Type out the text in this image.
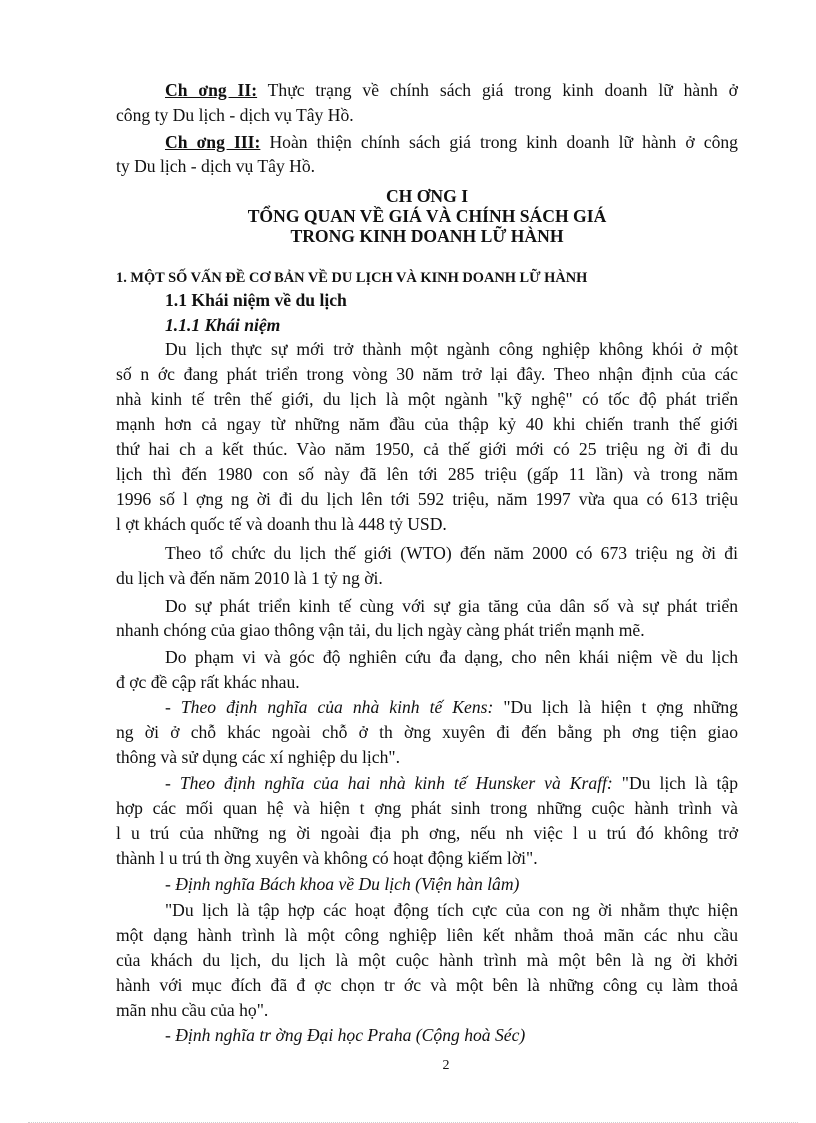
Ch ơng II: Thực trạng về chính sách giá trong kinh doanh lữ hành ở
công ty Du lịch - dịch vụ Tây Hồ.
Ch ơng III: Hoàn thiện chính sách giá trong kinh doanh lữ hành ở công
ty Du lịch - dịch vụ Tây Hồ.
CH ƠNG I
TỔNG QUAN VỀ GIÁ VÀ CHÍNH SÁCH GIÁ
TRONG KINH DOANH LỮ HÀNH
1. MỘT SỐ VẤN ĐỀ CƠ BẢN VỀ DU LỊCH VÀ KINH DOANH LỮ HÀNH
1.1 Khái niệm về du lịch
1.1.1 Khái niệm
Du lịch thực sự mới trở thành một ngành công nghiệp không khói ở một
số n ớc đang phát triển trong vòng 30 năm trở lại đây. Theo nhận định của các
nhà kinh tế trên thế giới, du lịch là một ngành "kỹ nghệ" có tốc độ phát triển
mạnh hơn cả ngay từ những năm đầu của thập kỷ 40 khi chiến tranh thế giới
thứ hai ch a kết thúc. Vào năm 1950, cả thế giới mới có 25 triệu ng ời đi du
lịch thì đến 1980 con số này đã lên tới 285 triệu (gấp 11 lần) và trong năm
1996 số l ợng ng ời đi du lịch lên tới 592 triệu, năm 1997 vừa qua có 613 triệu
l ợt khách quốc tế và doanh thu là 448 tỷ USD.
Theo tổ chức du lịch thế giới (WTO) đến năm 2000 có 673 triệu ng ời đi
du lịch và đến năm 2010 là 1 tỷ ng ời.
Do sự phát triển kinh tế cùng với sự gia tăng của dân số và sự phát triển
nhanh chóng của giao thông vận tải, du lịch ngày càng phát triển mạnh mẽ.
Do phạm vi và góc độ nghiên cứu đa dạng, cho nên khái niệm về du lịch
đ ợc đề cập rất khác nhau.
- Theo định nghĩa của nhà kinh tế Kens: "Du lịch là hiện t ợng những
ng ời ở chỗ khác ngoài chỗ ở th ờng xuyên đi đến bằng ph ơng tiện giao
thông và sử dụng các xí nghiệp du lịch".
- Theo định nghĩa của hai nhà kinh tế Hunsker và Kraff: "Du lịch là tập
hợp các mối quan hệ và hiện t ợng phát sinh trong những cuộc hành trình và
l u trú của những ng ời ngoài địa ph ơng, nếu nh việc l u trú đó không trở
thành l u trú th ờng xuyên và không có hoạt động kiếm lời".
- Định nghĩa Bách khoa về Du lịch (Viện hàn lâm)
"Du lịch là tập hợp các hoạt động tích cực của con ng ời nhằm thực hiện
một dạng hành trình là một công nghiệp liên kết nhằm thoả mãn các nhu cầu
của khách du lịch, du lịch là một cuộc hành trình mà một bên là ng ời khởi
hành với mục đích đã đ ợc chọn tr ớc và một bên là những công cụ làm thoả
mãn nhu cầu của họ".
- Định nghĩa tr ờng Đại học Praha (Cộng hoà Séc)
2
